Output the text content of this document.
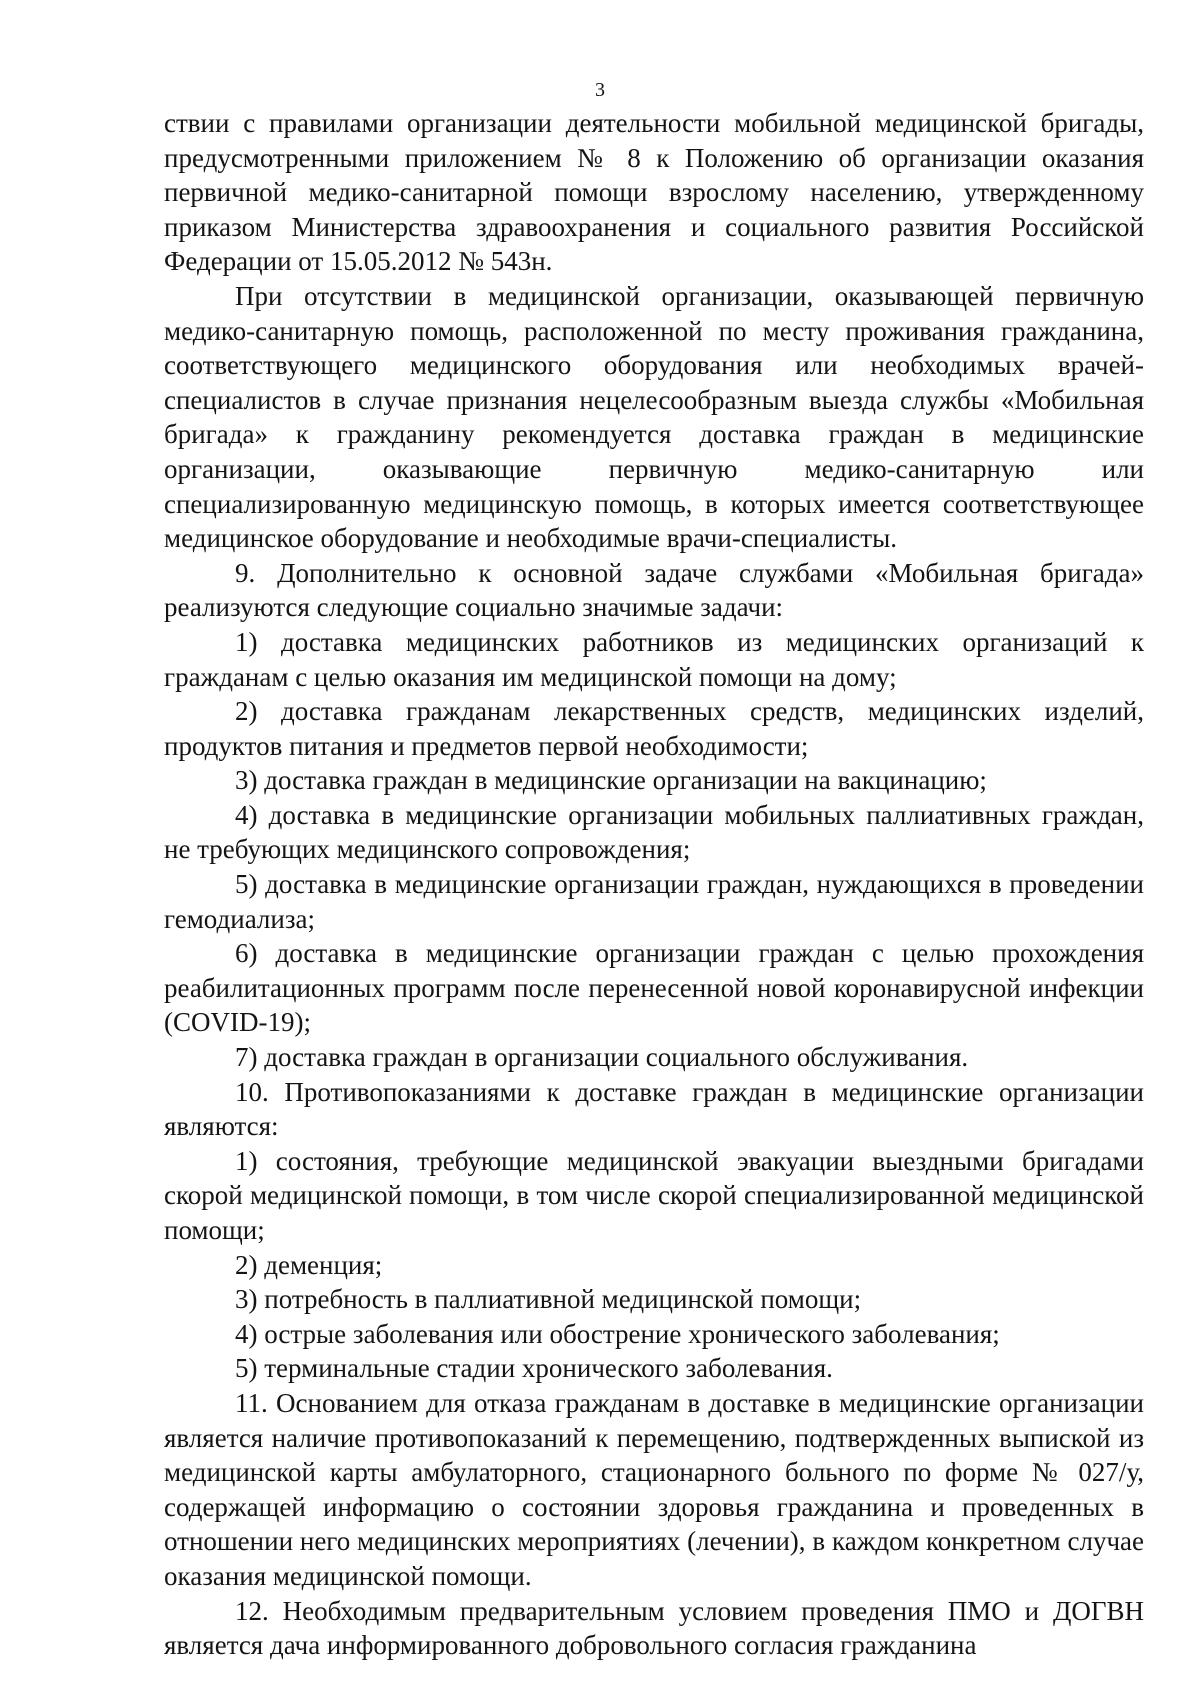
3

ствии с правилами организации деятельности мобильной медицинской бригады, предусмотренными приложением № 8 к Положению об организации оказания первичной медико-санитарной помощи взрослому населению, утвержденному приказом Министерства здравоохранения и социального развития Российской Федерации от 15.05.2012 № 543н.

При отсутствии в медицинской организации, оказывающей первичную медико-санитарную помощь, расположенной по месту проживания гражданина, соответствующего медицинского оборудования или необходимых врачей-специалистов в случае признания нецелесообразным выезда службы «Мобильная бригада» к гражданину рекомендуется доставка граждан в медицинские организации, оказывающие первичную медико-санитарную или специализированную медицинскую помощь, в которых имеется соответствующее медицинское оборудование и необходимые врачи-специалисты.

9. Дополнительно к основной задаче службами «Мобильная бригада» реализуются следующие социально значимые задачи:

1) доставка медицинских работников из медицинских организаций к гражданам с целью оказания им медицинской помощи на дому;

2) доставка гражданам лекарственных средств, медицинских изделий, продуктов питания и предметов первой необходимости;

3) доставка граждан в медицинские организации на вакцинацию;

4) доставка в медицинские организации мобильных паллиативных граждан, не требующих медицинского сопровождения;

5) доставка в медицинские организации граждан, нуждающихся в проведении гемодиализа;

6) доставка в медицинские организации граждан с целью прохождения реабилитационных программ после перенесенной новой коронавирусной инфекции (COVID-19);

7) доставка граждан в организации социального обслуживания.

10. Противопоказаниями к доставке граждан в медицинские организации являются:

1) состояния, требующие медицинской эвакуации выездными бригадами скорой медицинской помощи, в том числе скорой специализированной медицинской помощи;

2) деменция;

3) потребность в паллиативной медицинской помощи;

4) острые заболевания или обострение хронического заболевания;

5) терминальные стадии хронического заболевания.

11. Основанием для отказа гражданам в доставке в медицинские организации является наличие противопоказаний к перемещению, подтвержденных выпиской из медицинской карты амбулаторного, стационарного больного по форме № 027/у, содержащей информацию о состоянии здоровья гражданина и проведенных в отношении него медицинских мероприятиях (лечении), в каждом конкретном случае оказания медицинской помощи.

12. Необходимым предварительным условием проведения ПМО и ДОГВН является дача информированного добровольного согласия гражданина
